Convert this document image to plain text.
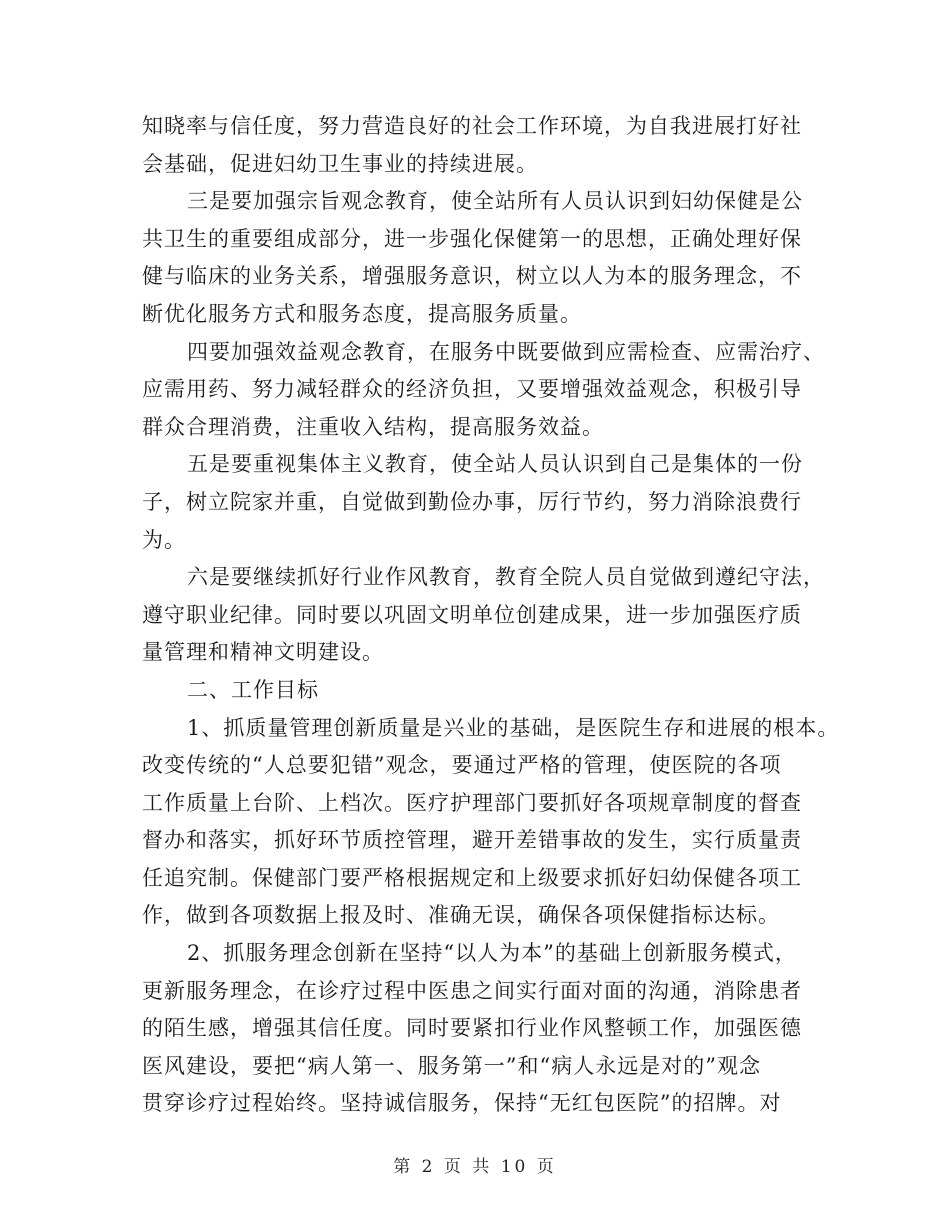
知晓率与信任度，努力营造良好的社会工作环境，为自我进展打好社
会基础，促进妇幼卫生事业的持续进展。
三是要加强宗旨观念教育，使全站所有人员认识到妇幼保健是公
共卫生的重要组成部分，进一步强化保健第一的思想，正确处理好保
健与临床的业务关系，增强服务意识，树立以人为本的服务理念，不
断优化服务方式和服务态度，提高服务质量。
四要加强效益观念教育，在服务中既要做到应需检查、应需治疗、
应需用药、努力减轻群众的经济负担，又要增强效益观念，积极引导
群众合理消费，注重收入结构，提高服务效益。
五是要重视集体主义教育，使全站人员认识到自己是集体的一份
子，树立院家并重，自觉做到勤俭办事，厉行节约，努力消除浪费行
为。
六是要继续抓好行业作风教育，教育全院人员自觉做到遵纪守法，
遵守职业纪律。同时要以巩固文明单位创建成果，进一步加强医疗质
量管理和精神文明建设。
二、工作目标
1、抓质量管理创新质量是兴业的基础，是医院生存和进展的根本。
改变传统的“人总要犯错”观念，要通过严格的管理，使医院的各项
工作质量上台阶、上档次。医疗护理部门要抓好各项规章制度的督查
督办和落实，抓好环节质控管理，避开差错事故的发生，实行质量责
任追究制。保健部门要严格根据规定和上级要求抓好妇幼保健各项工
作，做到各项数据上报及时、准确无误，确保各项保健指标达标。
2、抓服务理念创新在坚持“以人为本”的基础上创新服务模式，
更新服务理念，在诊疗过程中医患之间实行面对面的沟通，消除患者
的陌生感，增强其信任度。同时要紧扣行业作风整顿工作，加强医德
医风建设，要把“病人第一、服务第一”和“病人永远是对的”观念
贯穿诊疗过程始终。坚持诚信服务，保持“无红包医院”的招牌。对
第 2 页 共 10 页
